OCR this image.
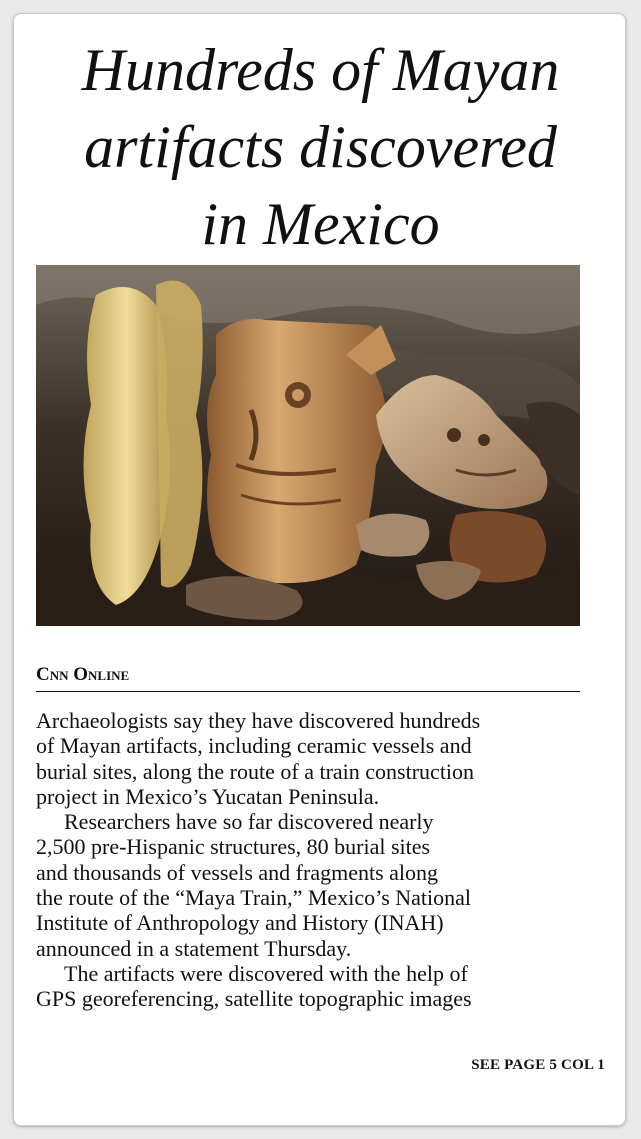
Hundreds of Mayan
artifacts discovered
in Mexico
Cnn Online
Archaeologists say they have discovered hundreds
of Mayan artifacts, including ceramic vessels and
burial sites, along the route of a train construction
project in Mexico’s Yucatan Peninsula.
Researchers have so far discovered nearly
2,500 pre-Hispanic structures, 80 burial sites
and thousands of vessels and fragments along
the route of the “Maya Train,” Mexico’s National
Institute of Anthropology and History (INAH)
announced in a statement Thursday.
The artifacts were discovered with the help of
GPS georeferencing, satellite topographic images
SEE PAGE 5 COL 1
